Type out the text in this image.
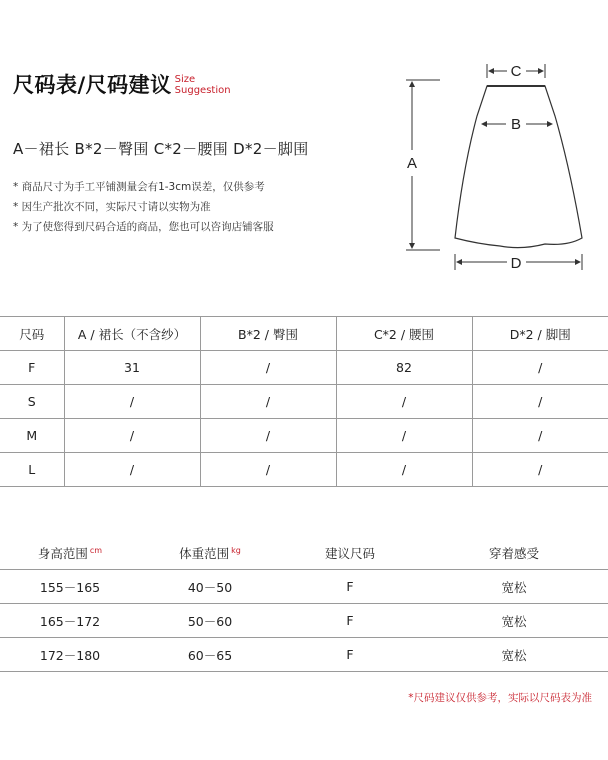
尺码表/尺码建议 Size
Suggestion
A－裙长 B*2－臀围 C*2－腰围 D*2－脚围
* 商品尺寸为手工平铺测量会有1-3cm误差，仅供参考
* 因生产批次不同，实际尺寸请以实物为准
* 为了使您得到尺码合适的商品，您也可以咨询店铺客服
C
B
A
D
尺码	A / 裙长（不含纱）	B*2 / 臀围	C*2 / 腰围	D*2 / 脚围
F	31	/	82	/
S	/	/	/	/
M	/	/	/	/
L	/	/	/	/
身高范围 $^{cm}$	体重范围 $^{kg}$	建议尺码	穿着感受
155－165	40－50	F	宽松
165－172	50－60	F	宽松
172－180	60－65	F	宽松
*尺码建议仅供参考，实际以尺码表为准
